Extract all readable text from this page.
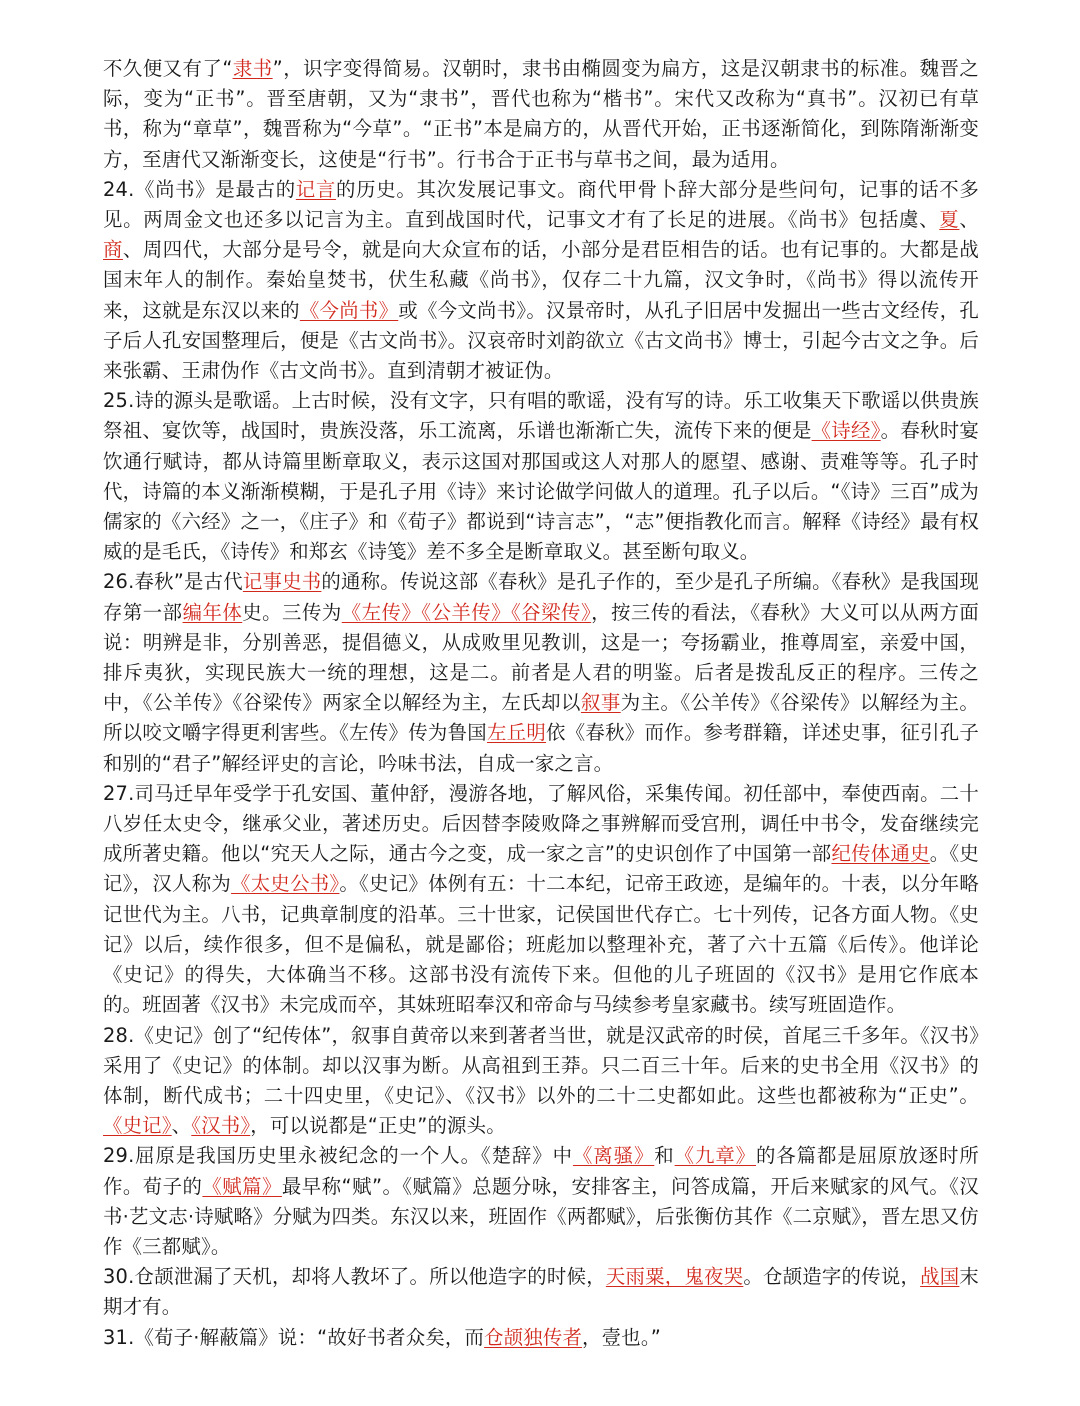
不久便又有了“隶书”，识字变得简易。汉朝时，隶书由椭圆变为扁方，这是汉朝隶书的标准。魏晋之际，变为“正书”。晋至唐朝，又为“隶书”，晋代也称为“楷书”。宋代又改称为“真书”。汉初已有草书，称为“章草”，魏晋称为“今草”。“正书”本是扁方的，从晋代开始，正书逐渐简化，到陈隋渐渐变方，至唐代又渐渐变长，这使是“行书”。行书合于正书与草书之间，最为适用。

24.《尚书》是最古的记言的历史。其次发展记事文。商代甲骨卜辞大部分是些问句，记事的话不多见。两周金文也还多以记言为主。直到战国时代，记事文才有了长足的进展。《尚书》包括虞、夏、商、周四代，大部分是号令，就是向大众宣布的话，小部分是君臣相告的话。也有记事的。大都是战国末年人的制作。秦始皇焚书，伏生私藏《尚书》，仅存二十九篇，汉文争时，《尚书》得以流传开来，这就是东汉以来的《今尚书》或《今文尚书》。汉景帝时，从孔子旧居中发掘出一些古文经传，孔子后人孔安国整理后，便是《古文尚书》。汉哀帝时刘韵欲立《古文尚书》博士，引起今古文之争。后来张霸、王肃伪作《古文尚书》。直到清朝才被证伪。

25.诗的源头是歌谣。上古时候，没有文字，只有唱的歌谣，没有写的诗。乐工收集天下歌谣以供贵族祭祖、宴饮等，战国时，贵族没落，乐工流离，乐谱也渐渐亡失，流传下来的便是《诗经》。春秋时宴饮通行赋诗，都从诗篇里断章取义，表示这国对那国或这人对那人的愿望、感谢、责难等等。孔子时代，诗篇的本义渐渐模糊，于是孔子用《诗》来讨论做学问做人的道理。孔子以后。“《诗》三百”成为儒家的《六经》之一，《庄子》和《荀子》都说到“诗言志”，“志”便指教化而言。解释《诗经》最有权威的是毛氏，《诗传》和郑玄《诗笺》差不多全是断章取义。甚至断句取义。

26.春秋”是古代记事史书的通称。传说这部《春秋》是孔子作的，至少是孔子所编。《春秋》是我国现存第一部编年体史。三传为《左传》《公羊传》《谷梁传》，按三传的看法，《春秋》大义可以从两方面说：明辨是非，分别善恶，提倡德义，从成败里见教训，这是一；夸扬霸业，推尊周室，亲爱中国，排斥夷狄，实现民族大一统的理想，这是二。前者是人君的明鉴。后者是拨乱反正的程序。三传之中，《公羊传》《谷梁传》两家全以解经为主，左氏却以叙事为主。《公羊传》《谷梁传》以解经为主。所以咬文嚼字得更利害些。《左传》传为鲁国左丘明依《春秋》而作。参考群籍，详述史事，征引孔子和别的“君子”解经评史的言论，吟味书法，自成一家之言。

27.司马迁早年受学于孔安国、董仲舒，漫游各地，了解风俗，采集传闻。初任部中，奉使西南。二十八岁任太史令，继承父业，著述历史。后因替李陵败降之事辨解而受宫刑，调任中书令，发奋继续完成所著史籍。他以“究天人之际，通古今之变，成一家之言”的史识创作了中国第一部纪传体通史。《史记》，汉人称为《太史公书》。《史记》体例有五：十二本纪，记帝王政迹，是编年的。十表，以分年略记世代为主。八书，记典章制度的沿革。三十世家，记侯国世代存亡。七十列传，记各方面人物。《史记》以后，续作很多，但不是偏私，就是鄙俗；班彪加以整理补充，著了六十五篇《后传》。他详论《史记》的得失，大体确当不移。这部书没有流传下来。但他的儿子班固的《汉书》是用它作底本的。班固著《汉书》未完成而卒，其妹班昭奉汉和帝命与马续参考皇家藏书。续写班固造作。

28.《史记》创了“纪传体”，叙事自黄帝以来到著者当世，就是汉武帝的时侯，首尾三千多年。《汉书》采用了《史记》的体制。却以汉事为断。从高祖到王莽。只二百三十年。后来的史书全用《汉书》的体制，断代成书；二十四史里，《史记》、《汉书》以外的二十二史都如此。这些也都被称为“正史”。《史记》、《汉书》，可以说都是“正史”的源头。

29.屈原是我国历史里永被纪念的一个人。《楚辞》中《离骚》和《九章》的各篇都是屈原放逐时所作。荀子的《赋篇》最早称“赋”。《赋篇》总题分咏，安排客主，问答成篇，开后来赋家的风气。《汉书·艺文志·诗赋略》分赋为四类。东汉以来，班固作《两都赋》，后张衡仿其作《二京赋》，晋左思又仿作《三都赋》。

30.仓颉泄漏了天机，却将人教坏了。所以他造字的时候，天雨粟，鬼夜哭。仓颉造字的传说，战国末期才有。

31.《荀子·解蔽篇》说：“故好书者众矣，而仓颉独传者，壹也。”
